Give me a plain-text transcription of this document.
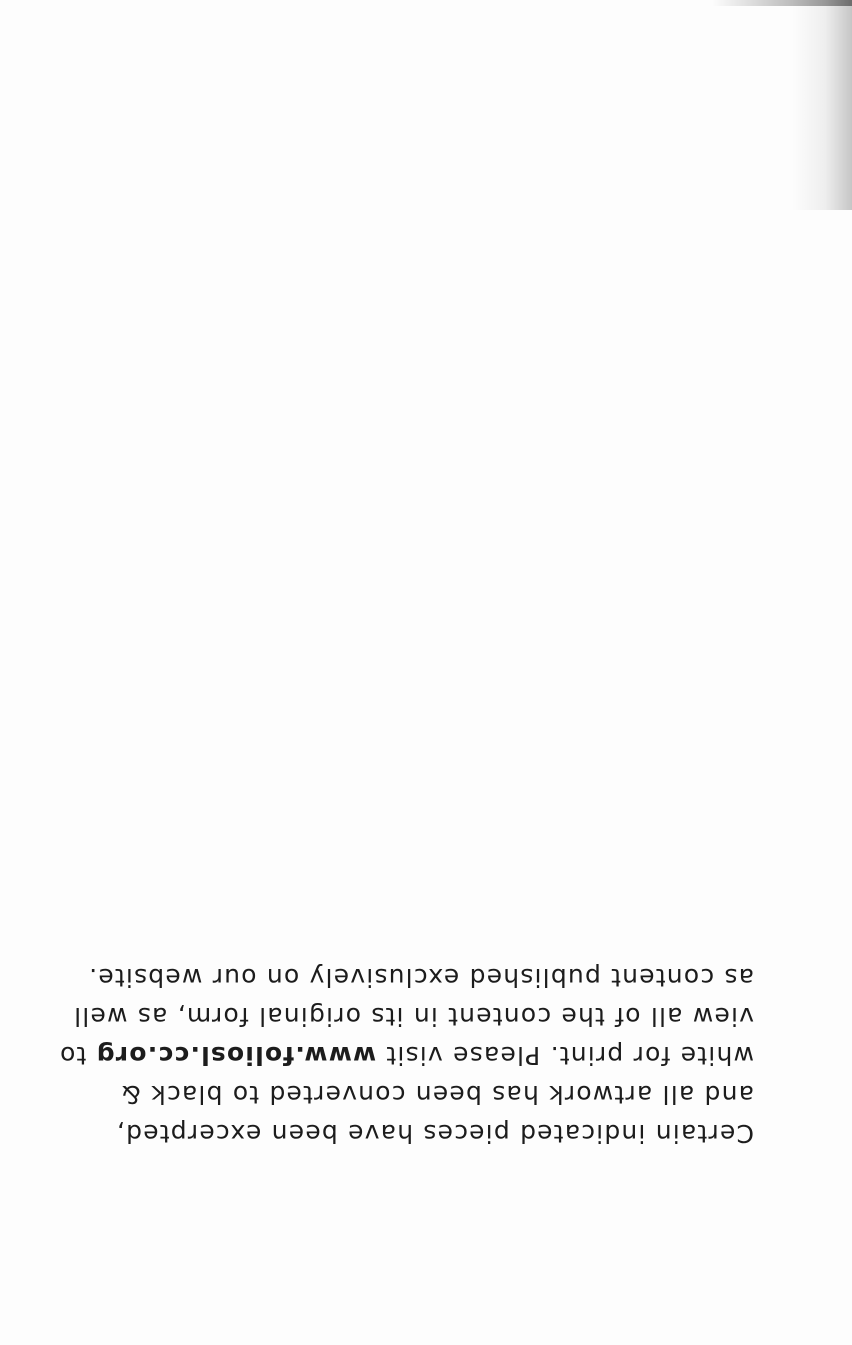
Certain indicated pieces have been excerpted,

and all artwork has been converted to black &

white for print. Please visit www.foliosl.cc.org to

view all of the content in its original form, as well

as content published exclusively on our website.
